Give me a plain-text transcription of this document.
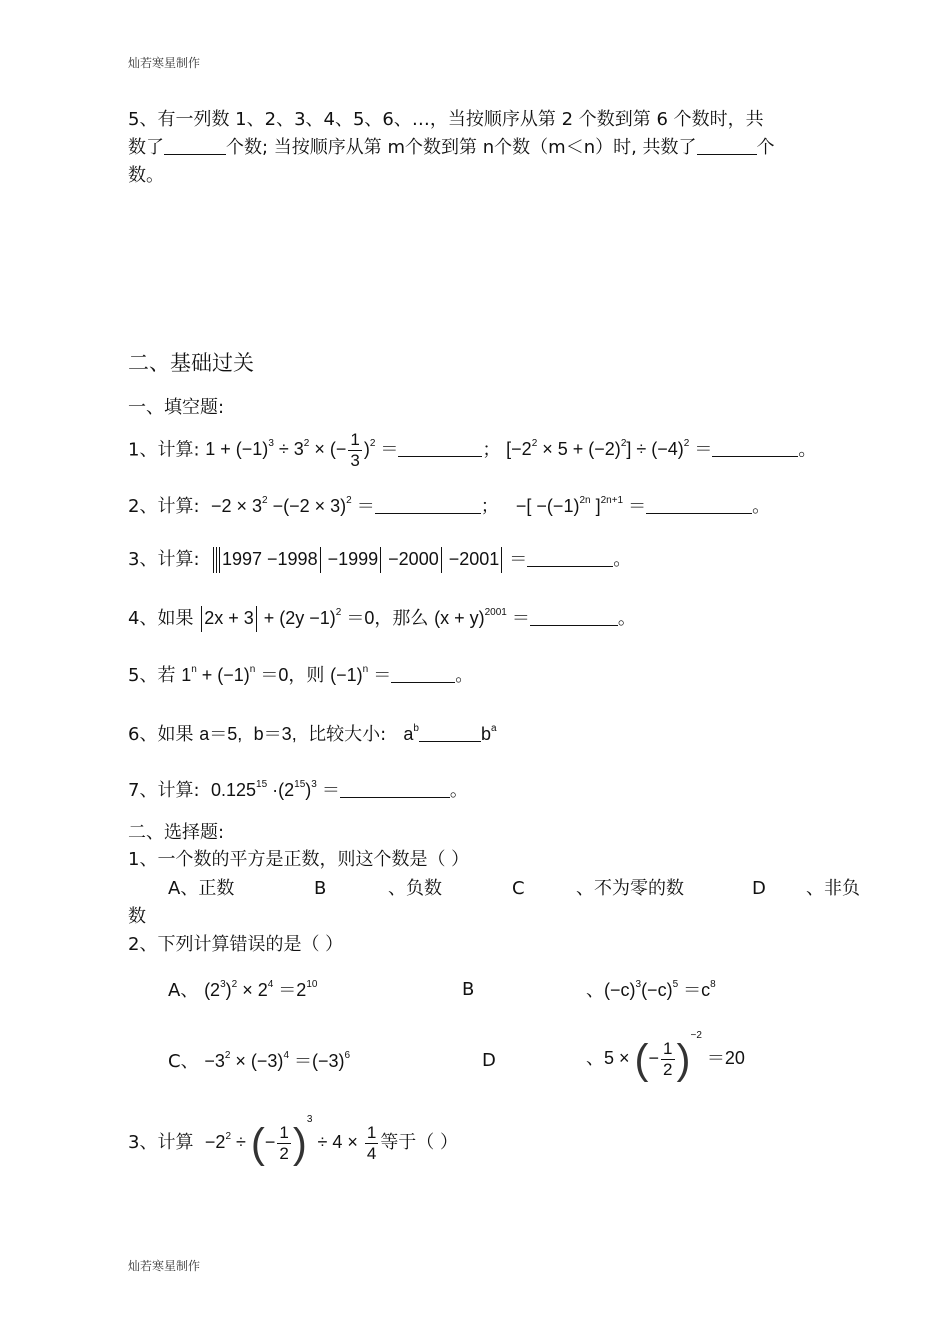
灿若寒星制作
灿若寒星制作
5、有一列数 1、2、3、4、5、6、…，当按顺序从第 2 个数到第 6 个数时，共
数了	个数; 当按顺序从第 m个数到第 n个数（m＜n）时, 共数了	个
数。
二、基础过关
一、填空题:
1、计算: $1 + (-1)^3 \div 3^2$ × (− $\frac{1}{3} )^2$ ＝	； $[-2^2 \times 5 + (-2)^2] \div (-4)^2$ ＝	。
2、计算: $-2 \times 3^2 -(-2 \times 3)^2$ ＝	； −[ $-(-1)^{2n}$ ]$^{2n+1}$ ＝	。
3、计算: 1997 −1998 −1999 −2000 −2001 ＝	。
4、如果 $2x + 3 + (2y -1)^2 =0$，那么 $(x + y)^{2001}$ ＝	。
5、若 $1^n + (-1)^n =0$，则 $(-1)^n$ ＝	。
6、如果 a＝5, b＝3, 比较大小: $a^b$	$b^a$
7、计算: $0.125^{15} \cdot(2^{15})^3$ ＝	。
二、选择题:
1、一个数的平方是正数，则这个数是（ ）
A、正数	B	、负数	C	、不为零的数	D 、非负
数
2、下列计算错误的是（ ）
A、 $(2^3)^2 \times 2^4 =2^{10}$	B	、$(-c)^3(-c)^5 =c^8$
C、 $-3^2 \times (-3)^4 =(-3)^6$	D	、5 × (− $\frac{1}{2} )^{-2} =20$
3、计算 $-2^2$ ÷ (− $\frac{1}{2} )^3 \div 4 \times \frac{1}{4}$ 等于（ ）
